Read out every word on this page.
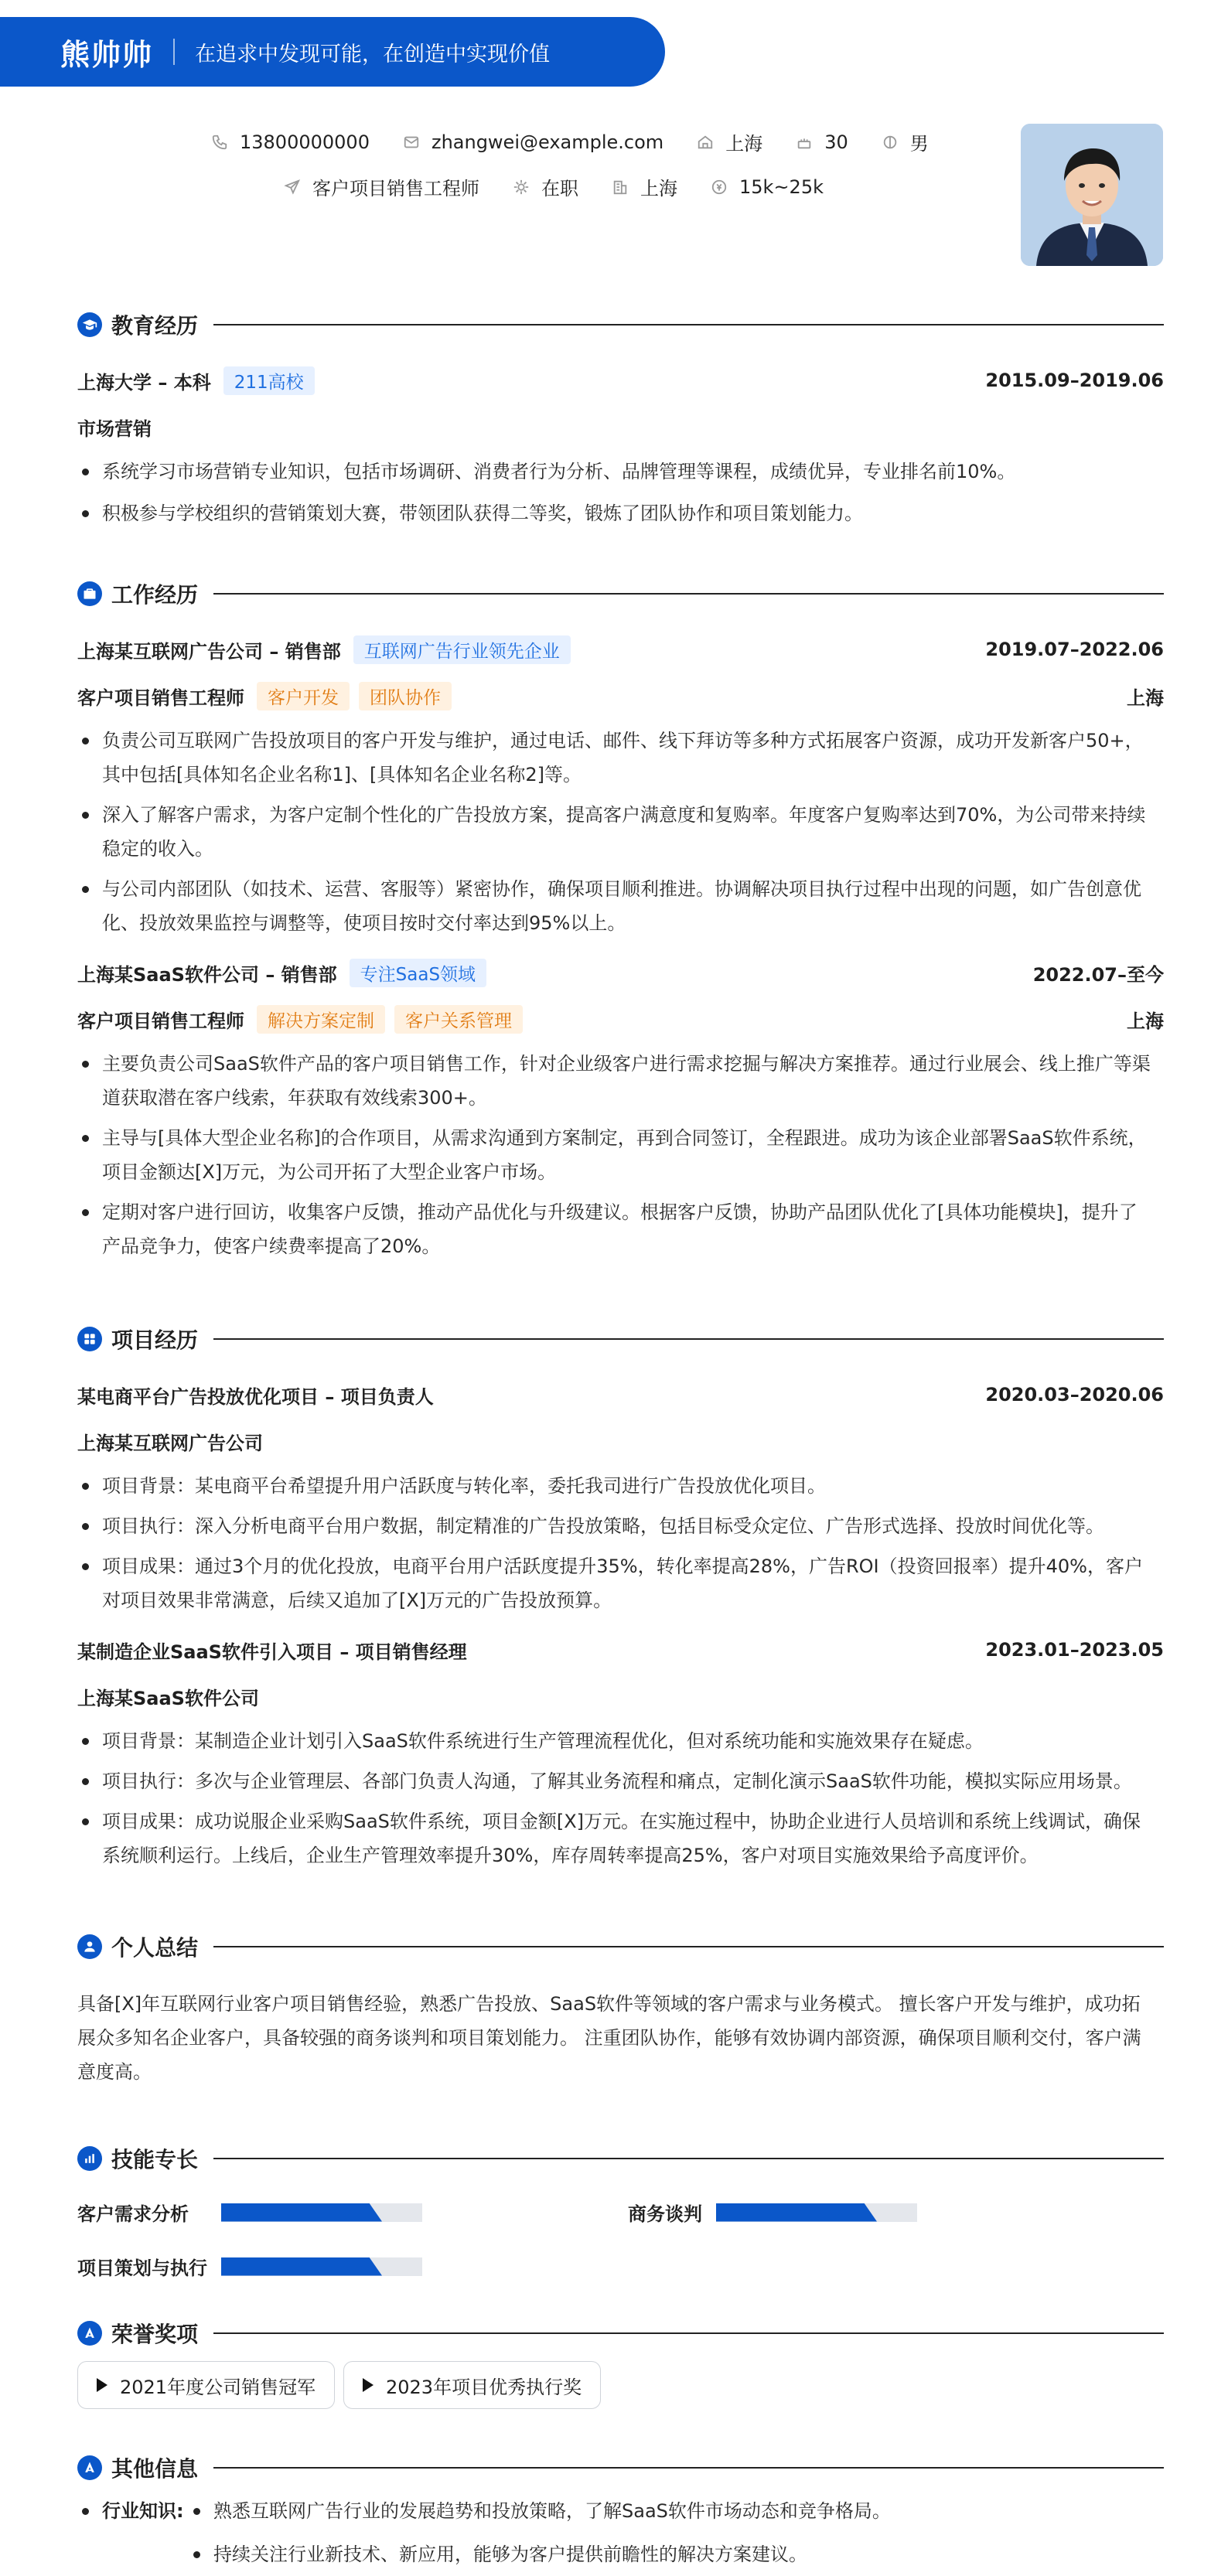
熊帅帅 在追求中发现可能，在创造中实现价值
13800000000	zhangwei@example.com	上海	30	男
客户项目销售工程师	在职	上海	15k~25k
教育经历
上海大学 – 本科	211高校	2015.09–2019.06
市场营销
系统学习市场营销专业知识，包括市场调研、消费者行为分析、品牌管理等课程，成绩优异，专业排名前10%。
积极参与学校组织的营销策划大赛，带领团队获得二等奖，锻炼了团队协作和项目策划能力。
工作经历
上海某互联网广告公司 – 销售部	互联网广告行业领先企业	2019.07–2022.06
客户项目销售工程师	客户开发	团队协作	上海
负责公司互联网广告投放项目的客户开发与维护，通过电话、邮件、线下拜访等多种方式拓展客户资源，成功开发新客户50+，
其中包括[具体知名企业名称1]、[具体知名企业名称2]等。
深入了解客户需求，为客户定制个性化的广告投放方案，提高客户满意度和复购率。年度客户复购率达到70%，为公司带来持续
稳定的收入。
与公司内部团队（如技术、运营、客服等）紧密协作，确保项目顺利推进。协调解决项目执行过程中出现的问题，如广告创意优
化、投放效果监控与调整等，使项目按时交付率达到95%以上。
上海某SaaS软件公司 – 销售部	专注SaaS领域	2022.07–至今
客户项目销售工程师	解决方案定制	客户关系管理	上海
主要负责公司SaaS软件产品的客户项目销售工作，针对企业级客户进行需求挖掘与解决方案推荐。通过行业展会、线上推广等渠
道获取潜在客户线索，年获取有效线索300+。
主导与[具体大型企业名称]的合作项目，从需求沟通到方案制定，再到合同签订，全程跟进。成功为该企业部署SaaS软件系统，
项目金额达[X]万元，为公司开拓了大型企业客户市场。
定期对客户进行回访，收集客户反馈，推动产品优化与升级建议。根据客户反馈，协助产品团队优化了[具体功能模块]，提升了
产品竞争力，使客户续费率提高了20%。
项目经历
某电商平台广告投放优化项目 – 项目负责人	2020.03–2020.06
上海某互联网广告公司
项目背景：某电商平台希望提升用户活跃度与转化率，委托我司进行广告投放优化项目。
项目执行：深入分析电商平台用户数据，制定精准的广告投放策略，包括目标受众定位、广告形式选择、投放时间优化等。
项目成果：通过3个月的优化投放，电商平台用户活跃度提升35%，转化率提高28%，广告ROI（投资回报率）提升40%，客户
对项目效果非常满意，后续又追加了[X]万元的广告投放预算。
某制造企业SaaS软件引入项目 – 项目销售经理	2023.01–2023.05
上海某SaaS软件公司
项目背景：某制造企业计划引入SaaS软件系统进行生产管理流程优化，但对系统功能和实施效果存在疑虑。
项目执行：多次与企业管理层、各部门负责人沟通，了解其业务流程和痛点，定制化演示SaaS软件功能，模拟实际应用场景。
项目成果：成功说服企业采购SaaS软件系统，项目金额[X]万元。在实施过程中，协助企业进行人员培训和系统上线调试，确保
系统顺利运行。上线后，企业生产管理效率提升30%，库存周转率提高25%，客户对项目实施效果给予高度评价。
个人总结

具备[X]年互联网行业客户项目销售经验，熟悉广告投放、SaaS软件等领域的客户需求与业务模式。 擅长客户开发与维护，成功拓
展众多知名企业客户，具备较强的商务谈判和项目策划能力。 注重团队协作，能够有效协调内部资源，确保项目顺利交付，客户满
意度高。

技能专长
客户需求分析	商务谈判
项目策划与执行
荣誉奖项
2021年度公司销售冠军	2023年项目优秀执行奖
其他信息
行业知识:	熟悉互联网广告行业的发展趋势和投放策略，了解SaaS软件市场动态和竞争格局。
持续关注行业新技术、新应用，能够为客户提供前瞻性的解决方案建议。
